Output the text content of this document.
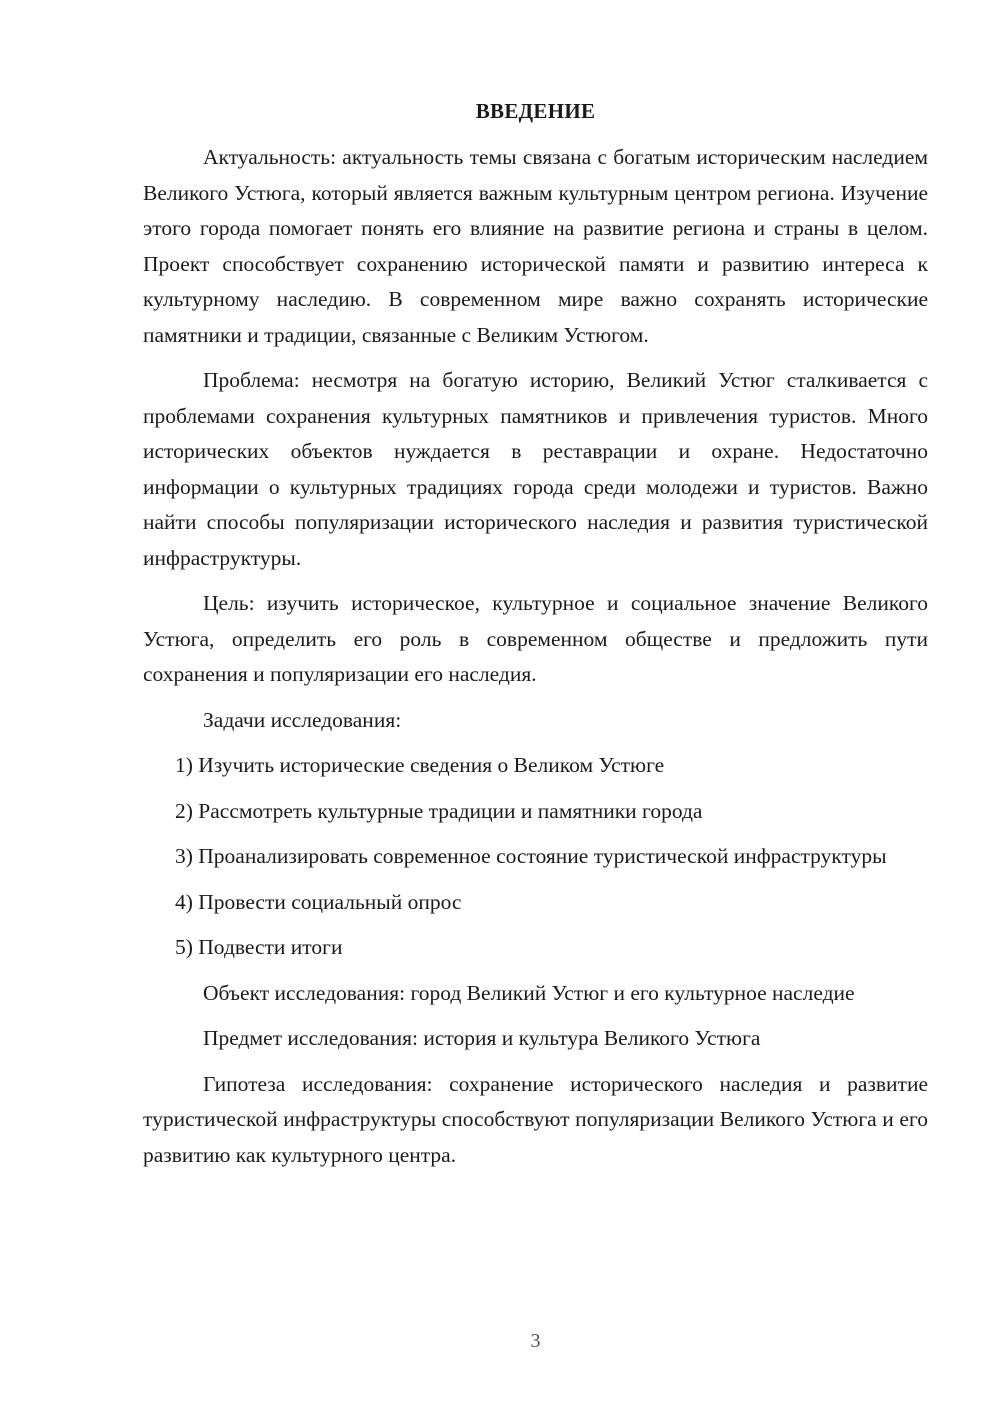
ВВЕДЕНИЕ

Актуальность: актуальность темы связана с богатым историческим наследием Великого Устюга, который является важным культурным центром региона. Изучение этого города помогает понять его влияние на развитие региона и страны в целом. Проект способствует сохранению исторической памяти и развитию интереса к культурному наследию. В современном мире важно сохранять исторические памятники и традиции, связанные с Великим Устюгом.

Проблема: несмотря на богатую историю, Великий Устюг сталкивается с проблемами сохранения культурных памятников и привлечения туристов. Много исторических объектов нуждается в реставрации и охране. Недостаточно информации о культурных традициях города среди молодежи и туристов. Важно найти способы популяризации исторического наследия и развития туристической инфраструктуры.

Цель: изучить историческое, культурное и социальное значение Великого Устюга, определить его роль в современном обществе и предложить пути сохранения и популяризации его наследия.

Задачи исследования:

1) Изучить исторические сведения о Великом Устюге

2) Рассмотреть культурные традиции и памятники города

3) Проанализировать современное состояние туристической инфраструктуры

4) Провести социальный опрос

5) Подвести итоги

Объект исследования: город Великий Устюг и его культурное наследие

Предмет исследования: история и культура Великого Устюга

Гипотеза исследования: сохранение исторического наследия и развитие туристической инфраструктуры способствуют популяризации Великого Устюга и его развитию как культурного центра.

3
